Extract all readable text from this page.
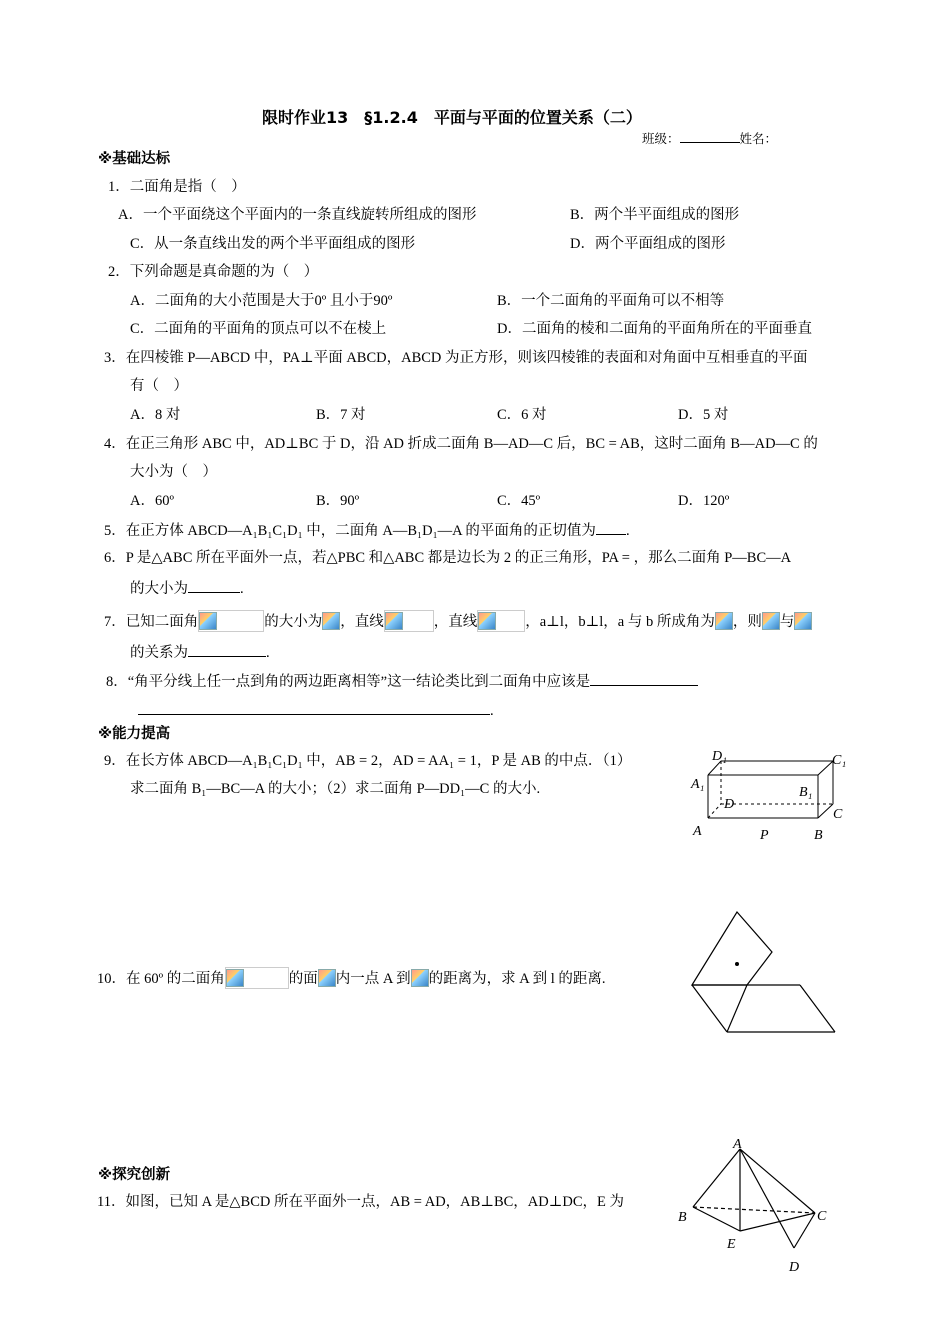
限时作业13　§1.2.4　平面与平面的位置关系（二）
班级：	姓名：
※基础达标
1．二面角是指（　）
A．一个平面绕这个平面内的一条直线旋转所组成的图形	B．两个半平面组成的图形
C．从一条直线出发的两个半平面组成的图形	D．两个平面组成的图形
2．下列命题是真命题的为（　）
A．二面角的大小范围是大于0º 且小于90º	B．一个二面角的平面角可以不相等
C．二面角的平面角的顶点可以不在棱上	D．二面角的棱和二面角的平面角所在的平面垂直
3．在四棱锥 P—ABCD 中，PA⊥平面 ABCD，ABCD 为正方形，则该四棱锥的表面和对角面中互相垂直的平面
有（　）
A．8 对	B．7 对	C．6 对	D．5 对
4．在正三角形 ABC 中，AD⊥BC 于 D，沿 AD 折成二面角 B—AD—C 后，BC = AB，这时二面角 B—AD—C 的
大小为（　）
A．60º	B．90º	C．45º	D．120º
5．在正方体 ABCD—A₁B₁C₁D₁ 中，二面角 A—B₁D₁—A 的平面角的正切值为 .
6．P 是△ABC 所在平面外一点，若△PBC 和△ABC 都是边长为 2 的正三角形，PA = ，那么二面角 P—BC—A
的大小为	.
7．已知二面角	的大小为 ，直线	，直线	，a⊥l，b⊥l，a 与 b 所成角为 ，则 与
的关系为	.
8．“角平分线上任一点到角的两边距离相等”这一结论类比到二面角中应该是
.
※能力提高
9．在长方体 ABCD—A₁B₁C₁D₁ 中，AB = 2，AD = AA₁ = 1，P 是 AB 的中点．（1）
求二面角 B₁—BC—A 的大小；（2）求二面角 P—DD₁—C 的大小.
D₁	C₁
A₁
B₁
D
C
A	P	B
10．在 60º 的二面角	的面 内一点 A 到 的距离为，求 A 到 l 的距离.
※探究创新
11．如图，已知 A 是△BCD 所在平面外一点，AB = AD，AB⊥BC，AD⊥DC，E 为
A
B	C
E
D
